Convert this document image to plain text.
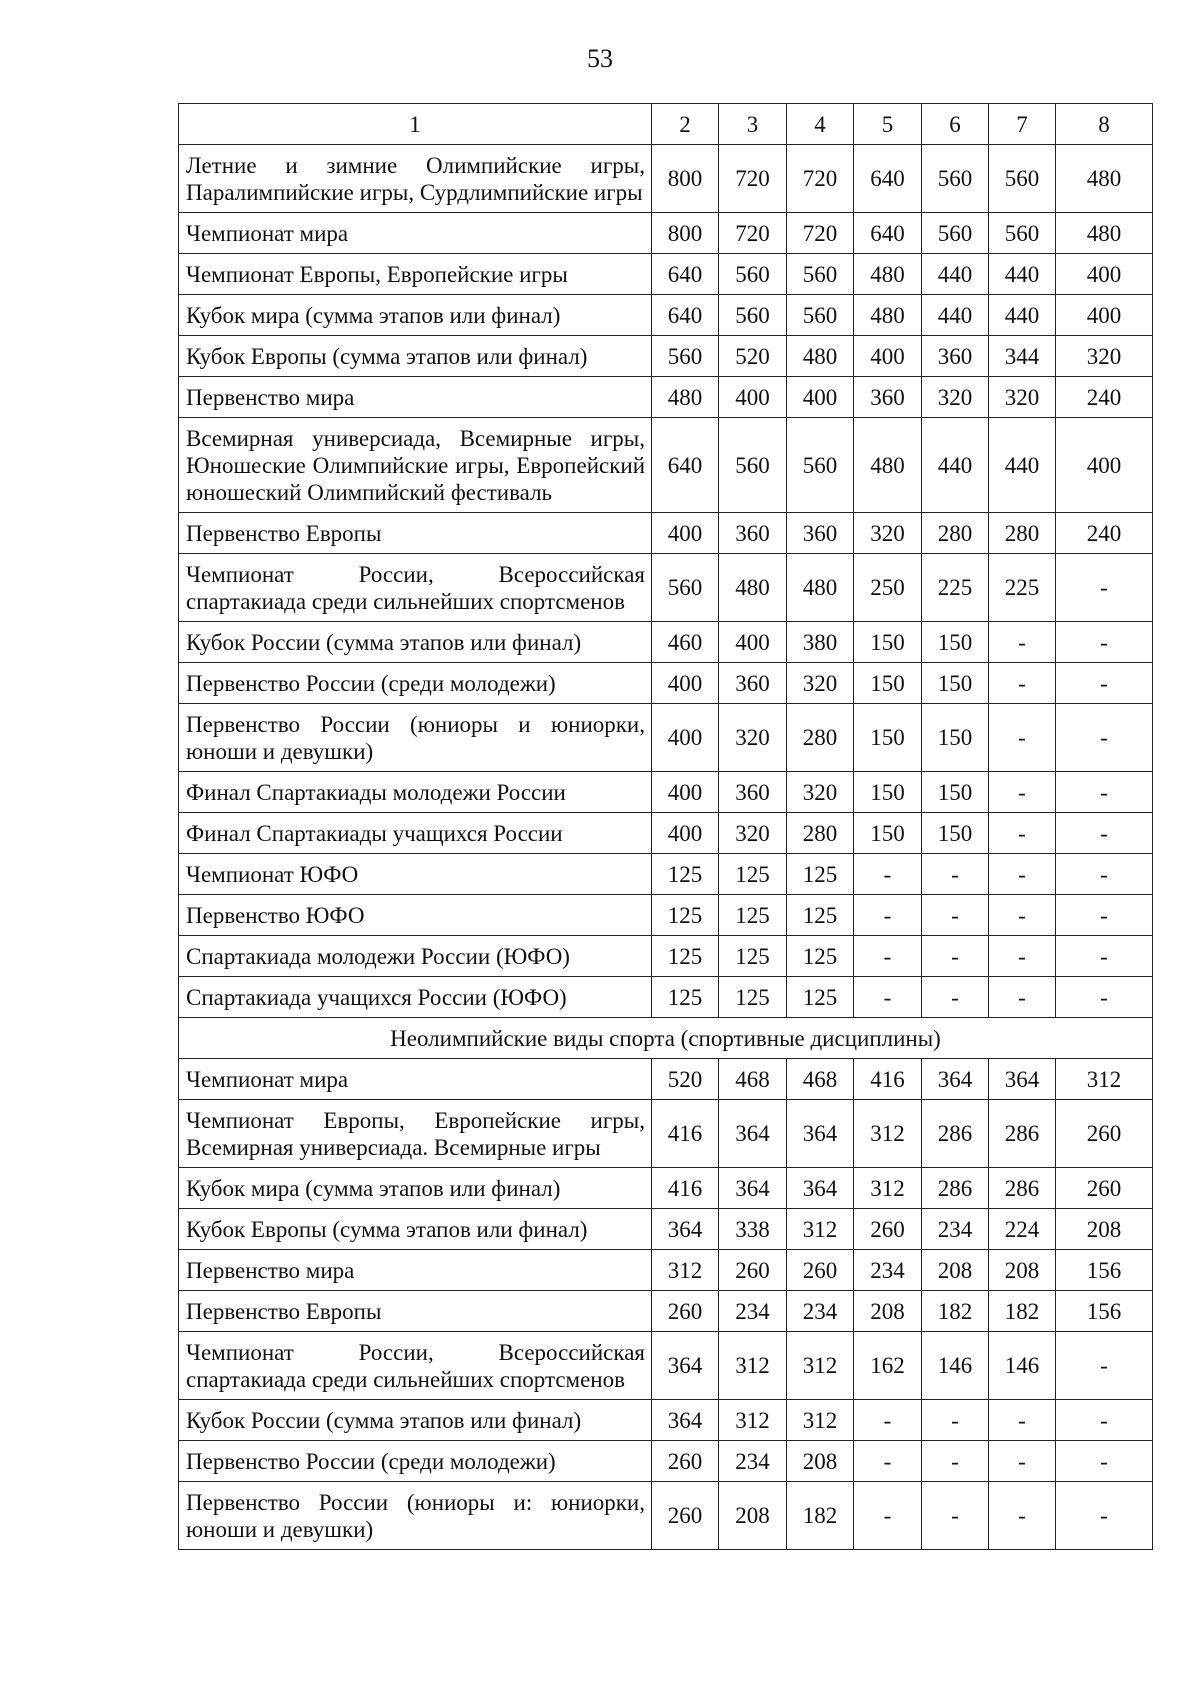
53
1	2	3	4	5	6	7	8
Летние и зимние Олимпийские игры, Паралимпийские игры, Сурдлимпийские игры	800	720	720	640	560	560	480
Чемпионат мира	800	720	720	640	560	560	480
Чемпионат Европы, Европейские игры	640	560	560	480	440	440	400
Кубок мира (сумма этапов или финал)	640	560	560	480	440	440	400
Кубок Европы (сумма этапов или финал)	560	520	480	400	360	344	320
Первенство мира	480	400	400	360	320	320	240
Всемирная универсиада, Всемирные игры, Юношеские Олимпийские игры, Европейский юношеский Олимпийский фестиваль	640	560	560	480	440	440	400
Первенство Европы	400	360	360	320	280	280	240
Чемпионат России, Всероссийская спартакиада среди сильнейших спортсменов	560	480	480	250	225	225	-
Кубок России (сумма этапов или финал)	460	400	380	150	150	-	-
Первенство России (среди молодежи)	400	360	320	150	150	-	-
Первенство России (юниоры и юниорки, юноши и девушки)	400	320	280	150	150	-	-
Финал Спартакиады молодежи России	400	360	320	150	150	-	-
Финал Спартакиады учащихся России	400	320	280	150	150	-	-
Чемпионат ЮФО	125	125	125	-	-	-	-
Первенство ЮФО	125	125	125	-	-	-	-
Спартакиада молодежи России (ЮФО)	125	125	125	-	-	-	-
Спартакиада учащихся России (ЮФО)	125	125	125	-	-	-	-
Неолимпийские виды спорта (спортивные дисциплины)							
Чемпионат мира	520	468	468	416	364	364	312
Чемпионат Европы, Европейские игры, Всемирная универсиада. Всемирные игры	416	364	364	312	286	286	260
Кубок мира (сумма этапов или финал)	416	364	364	312	286	286	260
Кубок Европы (сумма этапов или финал)	364	338	312	260	234	224	208
Первенство мира	312	260	260	234	208	208	156
Первенство Европы	260	234	234	208	182	182	156
Чемпионат России, Всероссийская спартакиада среди сильнейших спортсменов	364	312	312	162	146	146	-
Кубок России (сумма этапов или финал)	364	312	312	-	-	-	-
Первенство России (среди молодежи)	260	234	208	-	-	-	-
Первенство России (юниоры и: юниорки, юноши и девушки)	260	208	182	-	-	-	-
